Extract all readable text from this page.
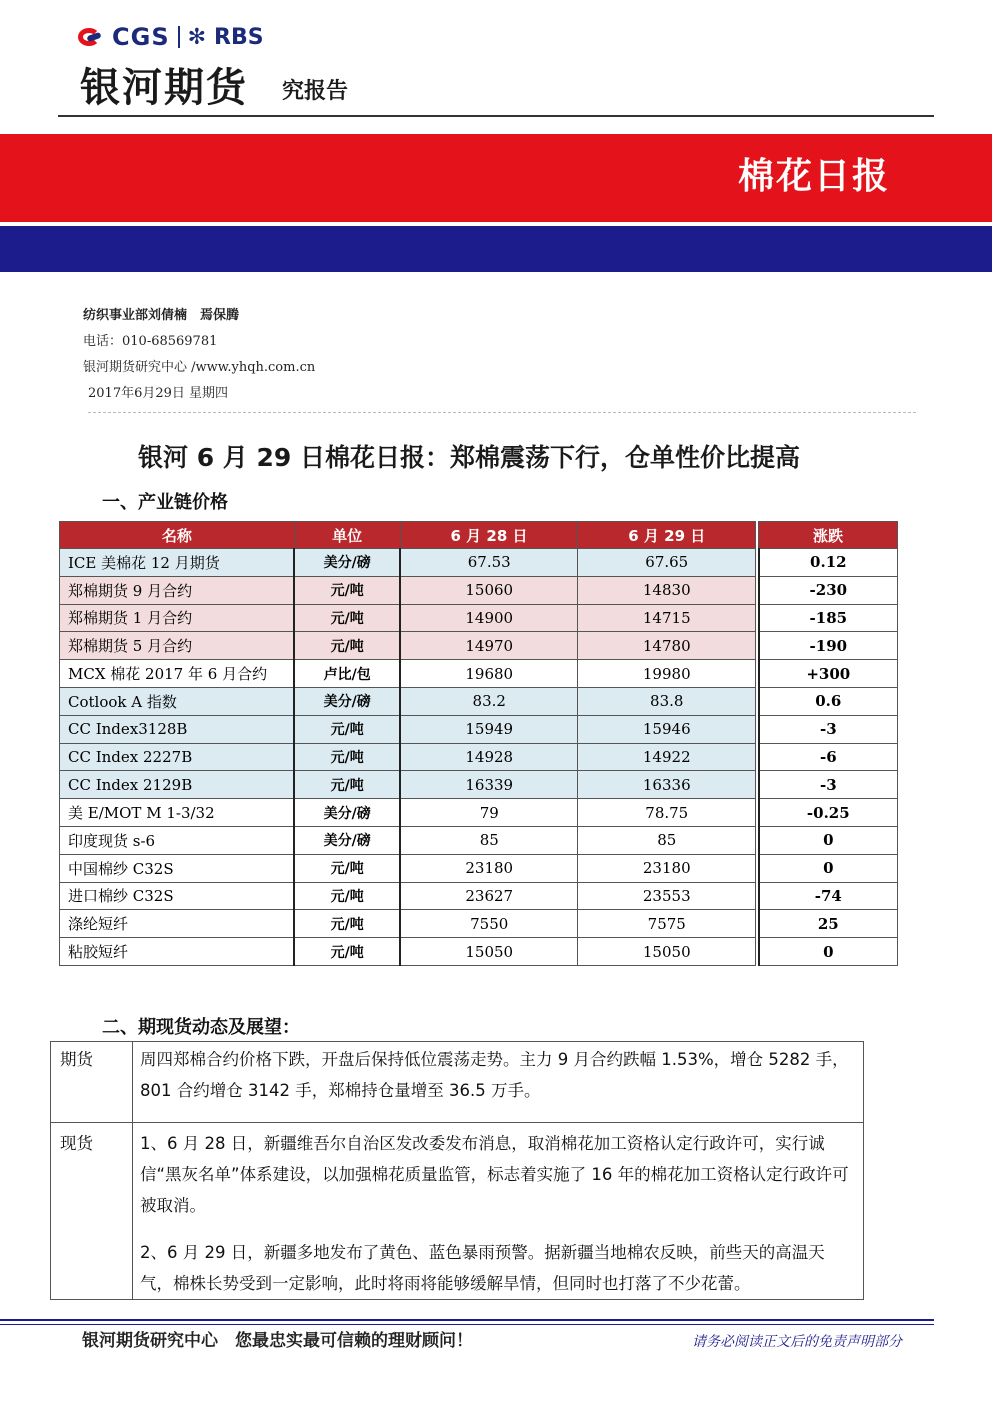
CGS ✻ RBS
银河期货 究报告
棉花日报
纺织事业部刘倩楠　焉保腾
电话：010-68569781
银河期货研究中心 /www.yhqh.com.cn
2017年6月29日 星期四
银河 6 月 29 日棉花日报：郑棉震荡下行，仓单性价比提高
一、产业链价格
名称	单位	6 月 28 日	6 月 29 日		涨跌
ICE 美棉花 12 月期货	美分/磅	67.53	67.65		0.12
郑棉期货 9 月合约	元/吨	15060	14830		-230
郑棉期货 1 月合约	元/吨	14900	14715		-185
郑棉期货 5 月合约	元/吨	14970	14780		-190
MCX 棉花 2017 年 6 月合约	卢比/包	19680	19980		+300
Cotlook A 指数	美分/磅	83.2	83.8		0.6
CC Index3128B	元/吨	15949	15946		-3
CC Index 2227B	元/吨	14928	14922		-6
CC Index 2129B	元/吨	16339	16336		-3
美 E/MOT M 1-3/32	美分/磅	79	78.75		-0.25
印度现货 s-6	美分/磅	85	85		0
中国棉纱 C32S	元/吨	23180	23180		0
进口棉纱 C32S	元/吨	23627	23553		-74
涤纶短纤	元/吨	7550	7575		25
粘胶短纤	元/吨	15050	15050		0
二、期现货动态及展望：
期货	周四郑棉合约价格下跌，开盘后保持低位震荡走势。主力 9 月合约跌幅 1.53%，增仓 5282 手，801 合约增仓 3142 手，郑棉持仓量增至 36.5 万手。

现货	1、6 月 28 日，新疆维吾尔自治区发改委发布消息，取消棉花加工资格认定行政许可，实行诚信“黑灰名单”体系建设，以加强棉花质量监管，标志着实施了 16 年的棉花加工资格认定行政许可被取消。

2、6 月 29 日，新疆多地发布了黄色、蓝色暴雨预警。据新疆当地棉农反映，前些天的高温天气，棉株长势受到一定影响，此时将雨将能够缓解旱情，但同时也打落了不少花蕾。

银河期货研究中心　您最忠实最可信赖的理财顾问！	请务必阅读正文后的免责声明部分
